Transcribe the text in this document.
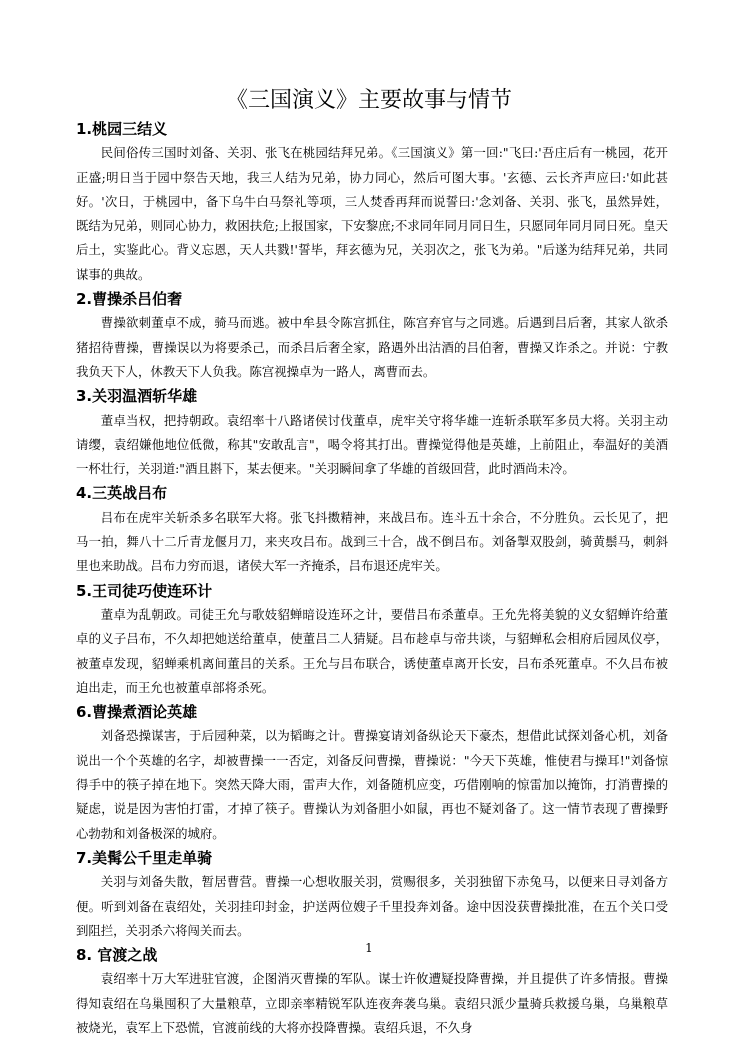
《三国演义》主要故事与情节
1.桃园三结义

民间俗传三国时刘备、关羽、张飞在桃园结拜兄弟。《三国演义》第一回:"飞曰:'吾庄后有一桃园，花开正盛;明日当于园中祭告天地，我三人结为兄弟，协力同心，然后可图大事。'玄德、云长齐声应曰:'如此甚好。'次日，于桃园中，备下乌牛白马祭礼等项，三人焚香再拜而说誓曰:'念刘备、关羽、张飞，虽然异姓，既结为兄弟，则同心协力，救困扶危;上报国家，下安黎庶;不求同年同月同日生，只愿同年同月同日死。皇天后土，实鉴此心。背义忘恩，天人共戮!'誓毕，拜玄德为兄，关羽次之，张飞为弟。"后遂为结拜兄弟，共同谋事的典故。

2.曹操杀吕伯奢

曹操欲刺董卓不成，骑马而逃。被中牟县令陈宫抓住，陈宫弃官与之同逃。后遇到吕后奢，其家人欲杀猪招待曹操，曹操误以为将要杀己，而杀吕后奢全家，路遇外出沽酒的吕伯奢，曹操又诈杀之。并说：宁教我负天下人，休教天下人负我。陈宫视操卓为一路人，离曹而去。

3.关羽温酒斩华雄

董卓当权，把持朝政。袁绍率十八路诸侯讨伐董卓，虎牢关守将华雄一连斩杀联军多员大将。关羽主动请缨，袁绍嫌他地位低微，称其"安敢乱言"，喝令将其打出。曹操觉得他是英雄，上前阻止，奉温好的美酒一杯壮行，关羽道:"酒且斟下，某去便来。"关羽瞬间拿了华雄的首级回营，此时酒尚未冷。

4.三英战吕布

吕布在虎牢关斩杀多名联军大将。张飞抖擞精神，来战吕布。连斗五十余合，不分胜负。云长见了，把马一拍，舞八十二斤青龙偃月刀，来夹攻吕布。战到三十合，战不倒吕布。刘备掣双股剑，骑黄鬃马，刺斜里也来助战。吕布力穷而退，诸侯大军一齐掩杀，吕布退还虎牢关。

5.王司徒巧使连环计

董卓为乱朝政。司徒王允与歌妓貂蝉暗设连环之计，要借吕布杀董卓。王允先将美貌的义女貂蝉许给董卓的义子吕布，不久却把她送给董卓，使董吕二人猜疑。吕布趁卓与帝共谈，与貂蝉私会相府后园凤仪亭，被董卓发现，貂蝉乘机离间董吕的关系。王允与吕布联合，诱使董卓离开长安，吕布杀死董卓。不久吕布被迫出走，而王允也被董卓部将杀死。

6.曹操煮酒论英雄

刘备恐操谋害，于后园种菜，以为韬晦之计。曹操宴请刘备纵论天下豪杰，想借此试探刘备心机，刘备说出一个个英雄的名字，却被曹操一一否定，刘备反问曹操，曹操说："今天下英雄，惟使君与操耳!"刘备惊得手中的筷子掉在地下。突然天降大雨，雷声大作，刘备随机应变，巧借刚响的惊雷加以掩饰，打消曹操的疑虑，说是因为害怕打雷，才掉了筷子。曹操认为刘备胆小如鼠，再也不疑刘备了。这一情节表现了曹操野心勃勃和刘备极深的城府。

7.美髯公千里走单骑

关羽与刘备失散，暂居曹营。曹操一心想收服关羽，赏赐很多，关羽独留下赤兔马，以便来日寻刘备方便。听到刘备在袁绍处，关羽挂印封金，护送两位嫂子千里投奔刘备。途中因没获曹操批准，在五个关口受到阻拦，关羽杀六将闯关而去。

8. 官渡之战

袁绍率十万大军进驻官渡，企图消灭曹操的军队。谋士许攸遭疑投降曹操，并且提供了许多情报。曹操得知袁绍在乌巢囤积了大量粮草，立即亲率精锐军队连夜奔袭乌巢。袁绍只派少量骑兵救援乌巢，乌巢粮草被烧光，袁军上下恐慌，官渡前线的大将亦投降曹操。袁绍兵退，不久身

1
